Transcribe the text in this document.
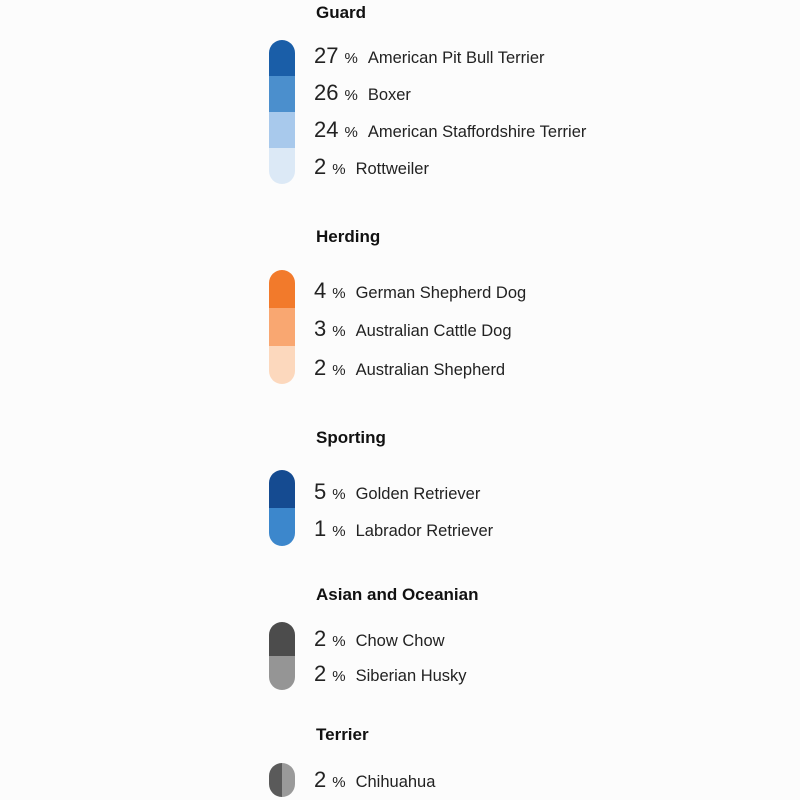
Guard
27 % American Pit Bull Terrier
26 % Boxer
24 % American Staffordshire Terrier
2 % Rottweiler
Herding
4 % German Shepherd Dog
3 % Australian Cattle Dog
2 % Australian Shepherd
Sporting
5 % Golden Retriever
1 % Labrador Retriever
Asian and Oceanian
2 % Chow Chow
2 % Siberian Husky
Terrier
2 % Chihuahua
